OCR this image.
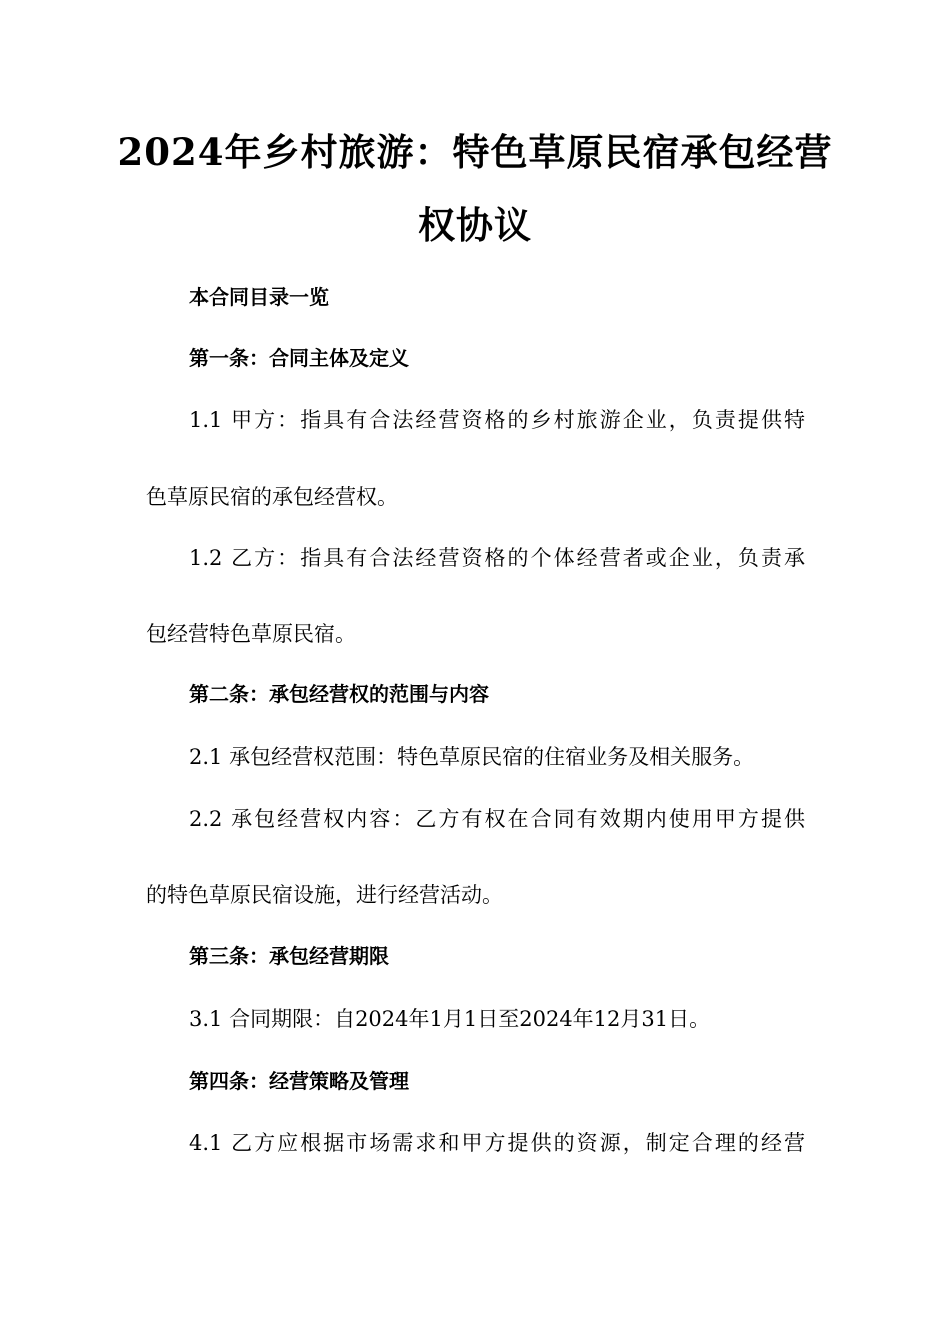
2024年乡村旅游：特色草原民宿承包经营
权协议
本合同目录一览
第一条：合同主体及定义
1.1 甲方：指具有合法经营资格的乡村旅游企业，负责提供特
色草原民宿的承包经营权。
1.2 乙方：指具有合法经营资格的个体经营者或企业，负责承
包经营特色草原民宿。
第二条：承包经营权的范围与内容
2.1 承包经营权范围：特色草原民宿的住宿业务及相关服务。
2.2 承包经营权内容：乙方有权在合同有效期内使用甲方提供
的特色草原民宿设施，进行经营活动。
第三条：承包经营期限
3.1 合同期限：自2024年1月1日至2024年12月31日。
第四条：经营策略及管理
4.1 乙方应根据市场需求和甲方提供的资源，制定合理的经营
